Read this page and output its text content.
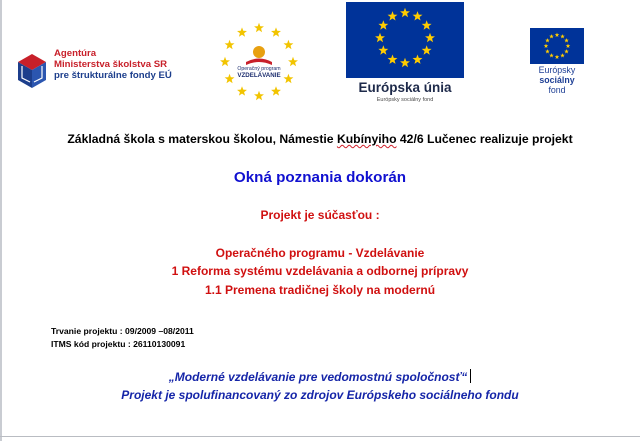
Agentúra
Ministerstva školstva SR
pre štrukturálne fondy EÚ
Operačný program
VZDELÁVANIE
Európska únia
Európsky sociálny fond
Európsky
sociálny
fond
Základná škola s materskou školou, Námestie Kubínyiho 42/6 Lučenec realizuje projekt
Okná poznania dokorán
Projekt je súčasťou :
Operačného programu - Vzdelávanie
1 Reforma systému vzdelávania a odbornej prípravy
1.1 Premena tradičnej školy na modernú
Trvanie projektu : 09/2009 –08/2011
ITMS kód projektu : 26110130091
„Moderné vzdelávanie pre vedomostnú spoločnosť“
Projekt je spolufinancovaný zo zdrojov Európskeho sociálneho fondu
